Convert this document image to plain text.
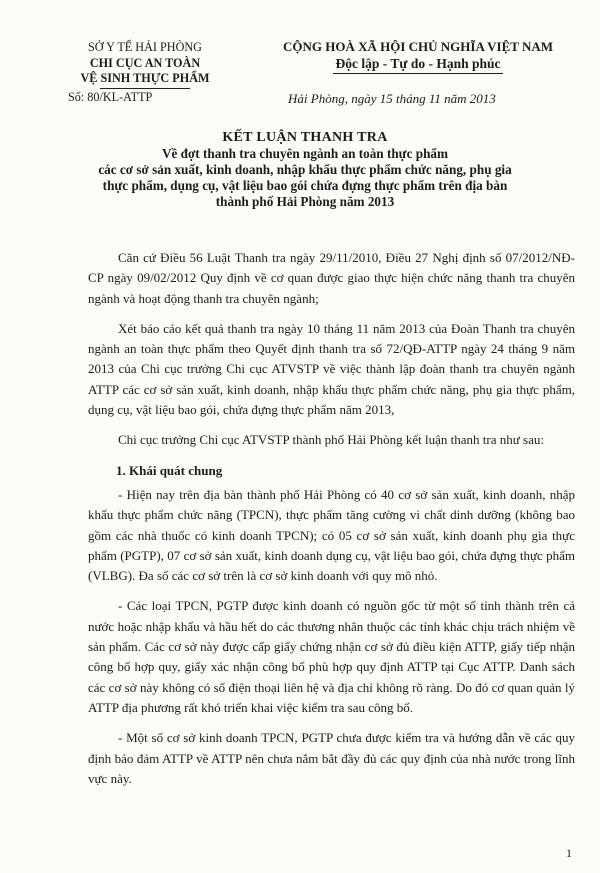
SỞ Y TẾ HẢI PHÒNG
CHI CỤC AN TOÀN
VỆ SINH THỰC PHẨM
Số: 80/KL-ATTP
CỘNG HOÀ XÃ HỘI CHỦ NGHĨA VIỆT NAM
Độc lập - Tự do - Hạnh phúc
Hải Phòng, ngày 15 tháng 11 năm 2013
KẾT LUẬN THANH TRA
Về đợt thanh tra chuyên ngành an toàn thực phẩm
các cơ sở sản xuất, kinh doanh, nhập khẩu thực phẩm chức năng, phụ gia
thực phẩm, dụng cụ, vật liệu bao gói chứa đựng thực phẩm trên địa bàn
thành phố Hải Phòng năm 2013

Căn cứ Điều 56 Luật Thanh tra ngày 29/11/2010, Điều 27 Nghị định số 07/2012/NĐ-CP ngày 09/02/2012 Quy định về cơ quan được giao thực hiện chức năng thanh tra chuyên ngành và hoạt động thanh tra chuyên ngành;

Xét báo cáo kết quả thanh tra ngày 10 tháng 11 năm 2013 của Đoàn Thanh tra chuyên ngành an toàn thực phẩm theo Quyết định thanh tra số 72/QĐ-ATTP ngày 24 tháng 9 năm 2013 của Chi cục trưởng Chi cục ATVSTP về việc thành lập đoàn thanh tra chuyên ngành ATTP các cơ sở sản xuất, kinh doanh, nhập khẩu thực phẩm chức năng, phụ gia thực phẩm, dụng cụ, vật liệu bao gói, chứa đựng thực phẩm năm 2013,

Chi cục trưởng Chi cục ATVSTP thành phố Hải Phòng kết luận thanh tra như sau:

1. Khái quát chung

- Hiện nay trên địa bàn thành phố Hải Phòng có 40 cơ sở sản xuất, kinh doanh, nhập khẩu thực phẩm chức năng (TPCN), thực phẩm tăng cường vi chất dinh dưỡng (không bao gồm các nhà thuốc có kinh doanh TPCN); có 05 cơ sở sản xuất, kinh doanh phụ gia thực phẩm (PGTP), 07 cơ sở sản xuất, kinh doanh dụng cụ, vật liệu bao gói, chứa đựng thực phẩm (VLBG). Đa số các cơ sở trên là cơ sở kinh doanh với quy mô nhỏ.

- Các loại TPCN, PGTP được kinh doanh có nguồn gốc từ một số tỉnh thành trên cả nước hoặc nhập khẩu và hầu hết do các thương nhân thuộc các tỉnh khác chịu trách nhiệm về sản phẩm. Các cơ sở này được cấp giấy chứng nhận cơ sở đủ điều kiện ATTP, giấy tiếp nhận công bố hợp quy, giấy xác nhận công bố phù hợp quy định ATTP tại Cục ATTP. Danh sách các cơ sở này không có số điện thoại liên hệ và địa chỉ không rõ ràng. Do đó cơ quan quản lý ATTP địa phương rất khó triển khai việc kiểm tra sau công bố.

- Một số cơ sở kinh doanh TPCN, PGTP chưa được kiểm tra và hướng dẫn về các quy định bảo đảm ATTP về ATTP nên chưa nắm bắt đầy đủ các quy định của nhà nước trong lĩnh vực này.

1
